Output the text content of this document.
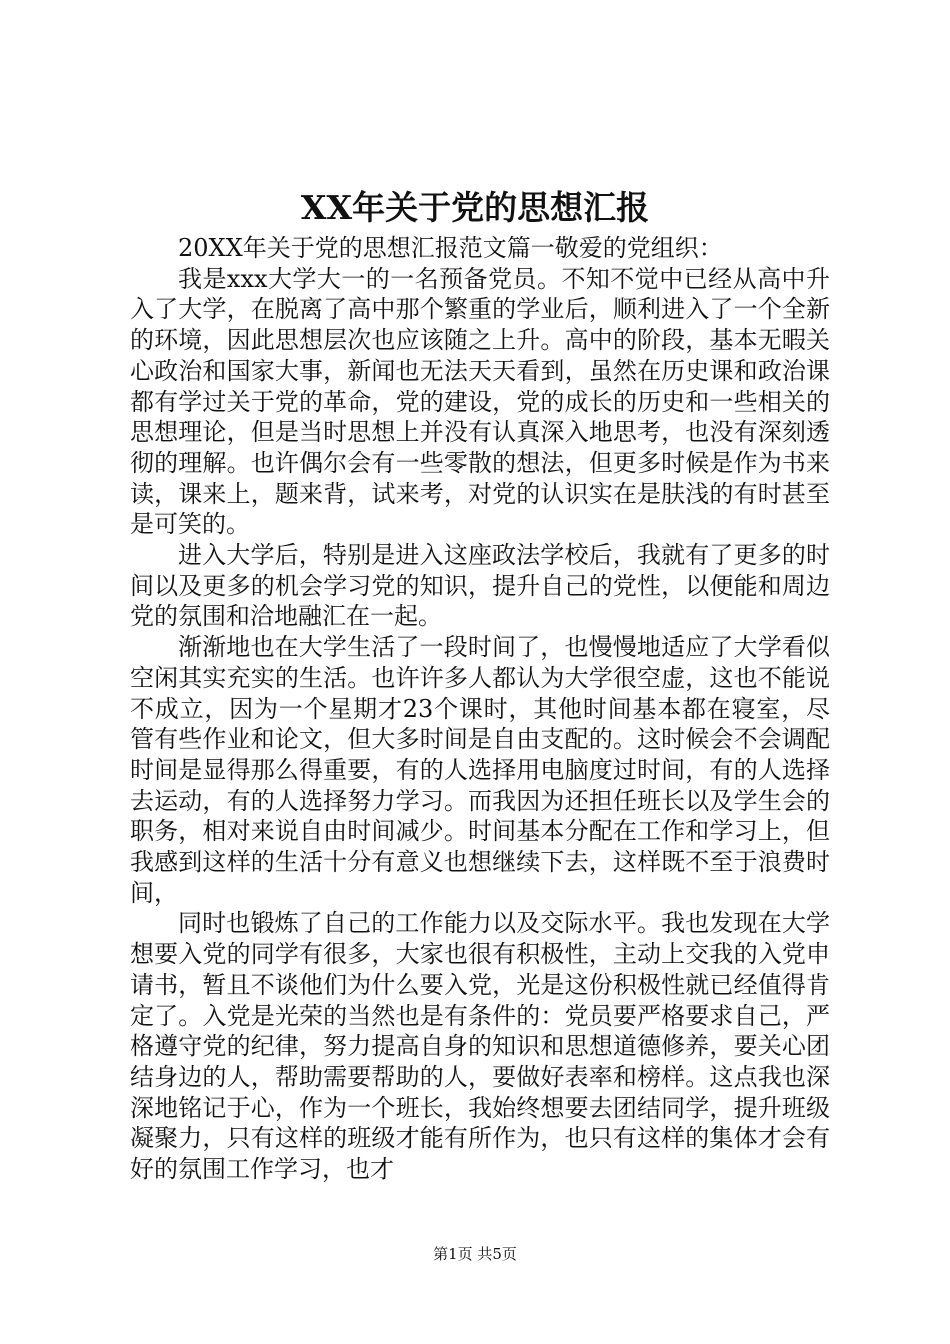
XX年关于党的思想汇报

20XX年关于党的思想汇报范文篇一敬爱的党组织：

我是xxx大学大一的一名预备党员。不知不觉中已经从高中升入了大学，在脱离了高中那个繁重的学业后，顺利进入了一个全新的环境，因此思想层次也应该随之上升。高中的阶段，基本无暇关心政治和国家大事，新闻也无法天天看到，虽然在历史课和政治课都有学过关于党的革命，党的建设，党的成长的历史和一些相关的思想理论，但是当时思想上并没有认真深入地思考，也没有深刻透彻的理解。也许偶尔会有一些零散的想法，但更多时候是作为书来读，课来上，题来背，试来考，对党的认识实在是肤浅的有时甚至是可笑的。

进入大学后，特别是进入这座政法学校后，我就有了更多的时间以及更多的机会学习党的知识，提升自己的党性，以便能和周边党的氛围和洽地融汇在一起。

渐渐地也在大学生活了一段时间了，也慢慢地适应了大学看似空闲其实充实的生活。也许许多人都认为大学很空虚，这也不能说不成立，因为一个星期才23个课时，其他时间基本都在寝室，尽管有些作业和论文，但大多时间是自由支配的。这时候会不会调配时间是显得那么得重要，有的人选择用电脑度过时间，有的人选择去运动，有的人选择努力学习。而我因为还担任班长以及学生会的职务，相对来说自由时间减少。时间基本分配在工作和学习上，但我感到这样的生活十分有意义也想继续下去，这样既不至于浪费时间，

同时也锻炼了自己的工作能力以及交际水平。我也发现在大学想要入党的同学有很多，大家也很有积极性，主动上交我的入党申请书，暂且不谈他们为什么要入党，光是这份积极性就已经值得肯定了。入党是光荣的当然也是有条件的：党员要严格要求自己，严格遵守党的纪律，努力提高自身的知识和思想道德修养，要关心团结身边的人，帮助需要帮助的人，要做好表率和榜样。这点我也深深地铭记于心，作为一个班长，我始终想要去团结同学，提升班级凝聚力，只有这样的班级才能有所作为，也只有这样的集体才会有好的氛围工作学习，也才

第1页 共5页
